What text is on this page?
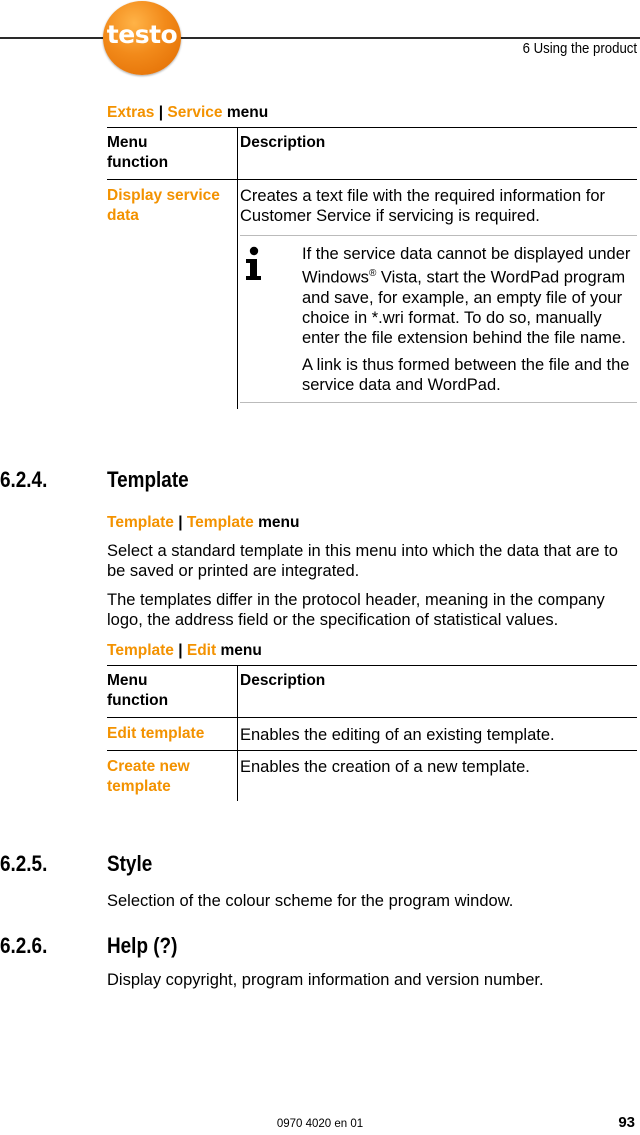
testo	6 Using the product
Extras | Service menu
Menu function	Description

Display service data	Creates a text file with the required information for Customer Service if servicing is required.
If the service data cannot be displayed under Windows® Vista, start the WordPad program and save, for example, an empty file of your choice in *.wri format. To do so, manually enter the file extension behind the file name.
A link is thus formed between the file and the service data and WordPad.
6.2.4.	Template
Template | Template menu

Select a standard template in this menu into which the data that are to be saved or printed are integrated.

The templates differ in the protocol header, meaning in the company logo, the address field or the specification of statistical values.

Template | Edit menu
Menu function	Description

Edit template	Enables the editing of an existing template.

Create new template	Enables the creation of a new template.
6.2.5.	Style

Selection of the colour scheme for the program window.

6.2.6.	Help (?)

Display copyright, program information and version number.

0970 4020 en 01	93
